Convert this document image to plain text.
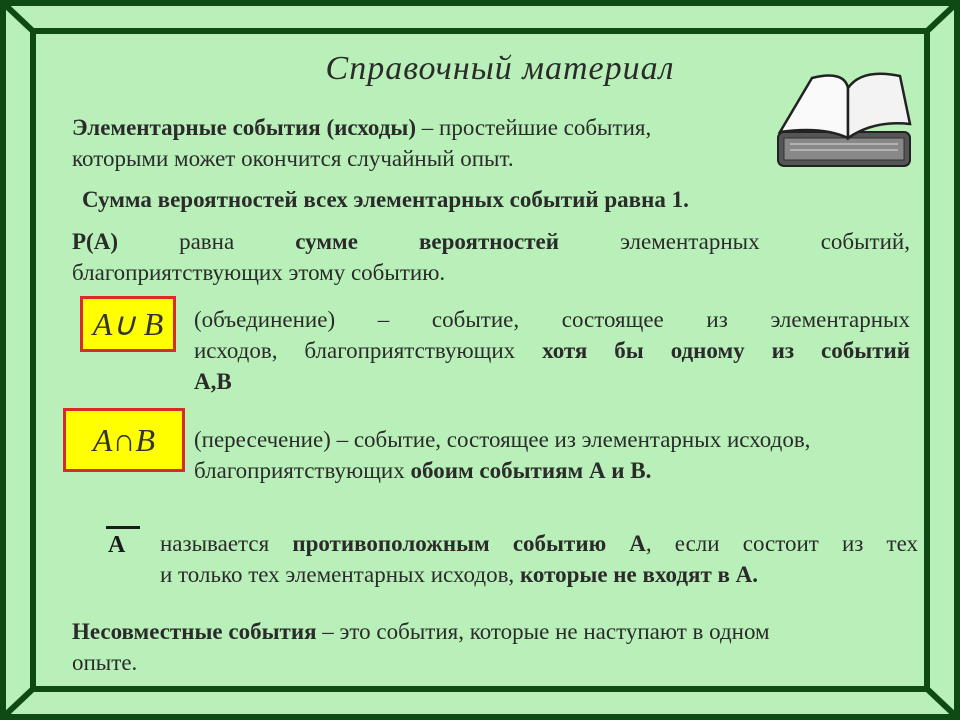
Справочный материал
Элементарные события (исходы) – простейшие события,
которыми может окончится случайный опыт.
Сумма вероятностей всех элементарных событий равна 1.
Р(А)	равна	сумме	вероятностей	элементарных	событий,
благоприятствующих этому событию.
A∪ B	(объединение) – событие, состоящее из элементарных
исходов, благоприятствующих хотя бы одному из событий
А,В
A∩B	(пересечение) – событие, состоящее из элементарных исходов,
благоприятствующих обоим событиям А и В.
А называется противоположным событию А, если состоит из тех
и только тех элементарных исходов, которые не входят в А.
Несовместные события – это события, которые не наступают в одном
опыте.
